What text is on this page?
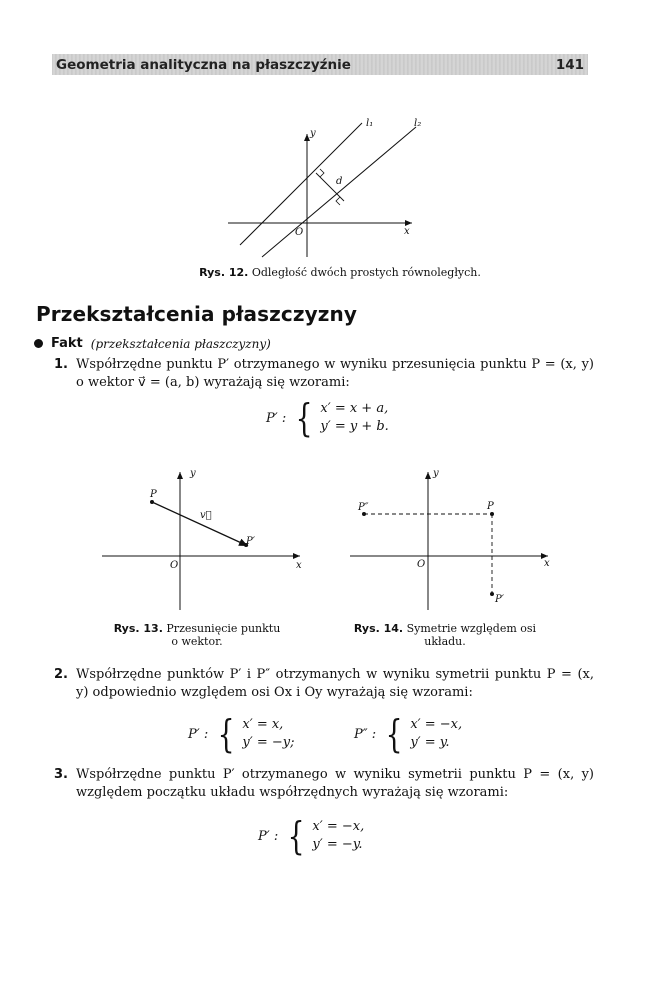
Geometria analityczna na płaszczyźnie	141
y
x
O
l₁	l₂
d
Rys. 12. Odległość dwóch prostych równoległych.
Przekształcenia płaszczyzny
Fakt (przekształcenia płaszczyzny)
1. Współrzędne punktu P′ otrzymanego w wyniku przesunięcia punktu P = (x, y) o wektor v⃗ = (a, b) wyrażają się wzorami:
P′ : { x′ = x + a,
y′ = y + b.
y
x
O
P
P′
v⃗
Rys. 13. Przesunięcie punktu
o wektor.
y
x
O
P″	P
P′
Rys. 14. Symetrie względem osi
układu.
2. Współrzędne punktów P′ i P″ otrzymanych w wyniku symetrii punktu P = (x, y) odpowiednio względem osi Ox i Oy wyrażają się wzorami:
P′ : { x′ = x,
y′ = −y;
P″ : { x′ = −x,
y′ = y.
3. Współrzędne punktu P′ otrzymanego w wyniku symetrii punktu P = (x, y) względem początku układu współrzędnych wyrażają się wzorami:
P′ : { x′ = −x,
y′ = −y.
